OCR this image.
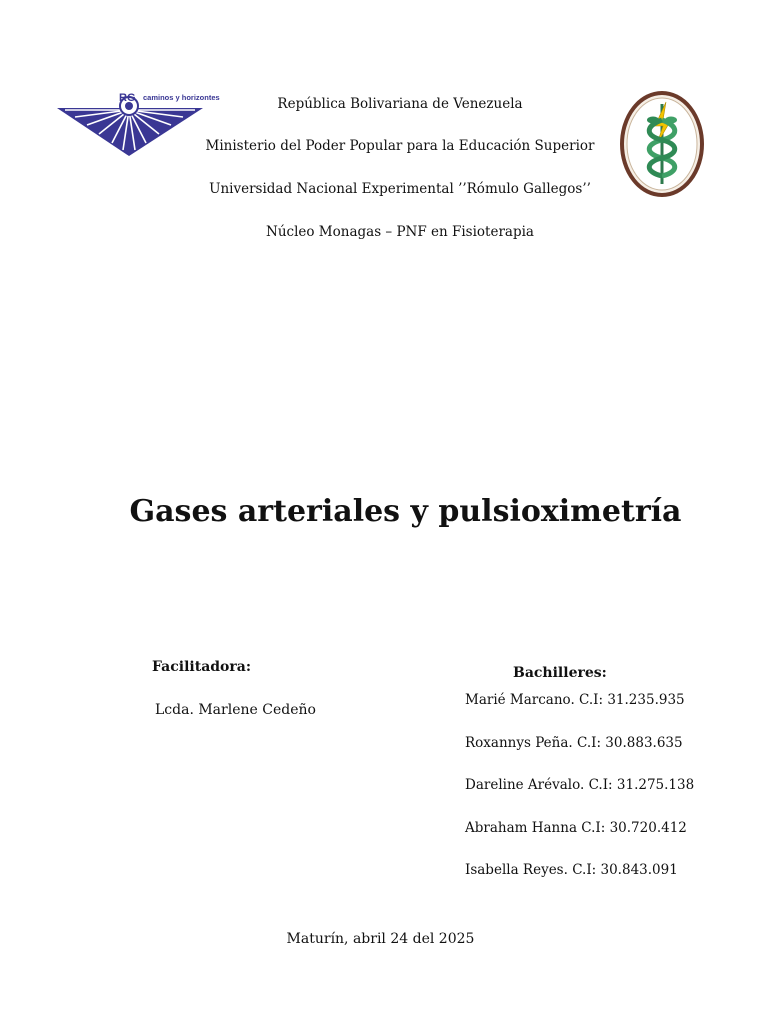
RG caminos y horizontes	República Bolivariana de Venezuela
Ministerio del Poder Popular para la Educación Superior
Universidad Nacional Experimental ’’Rómulo Gallegos’’
Núcleo Monagas – PNF en Fisioterapia
Gases arteriales y pulsioximetría
Facilitadora:
Lcda. Marlene Cedeño
Bachilleres:
Marié Marcano. C.I: 31.235.935
Roxannys Peña. C.I: 30.883.635
Dareline Arévalo. C.I: 31.275.138
Abraham Hanna C.I: 30.720.412
Isabella Reyes. C.I: 30.843.091
Maturín, abril 24 del 2025
